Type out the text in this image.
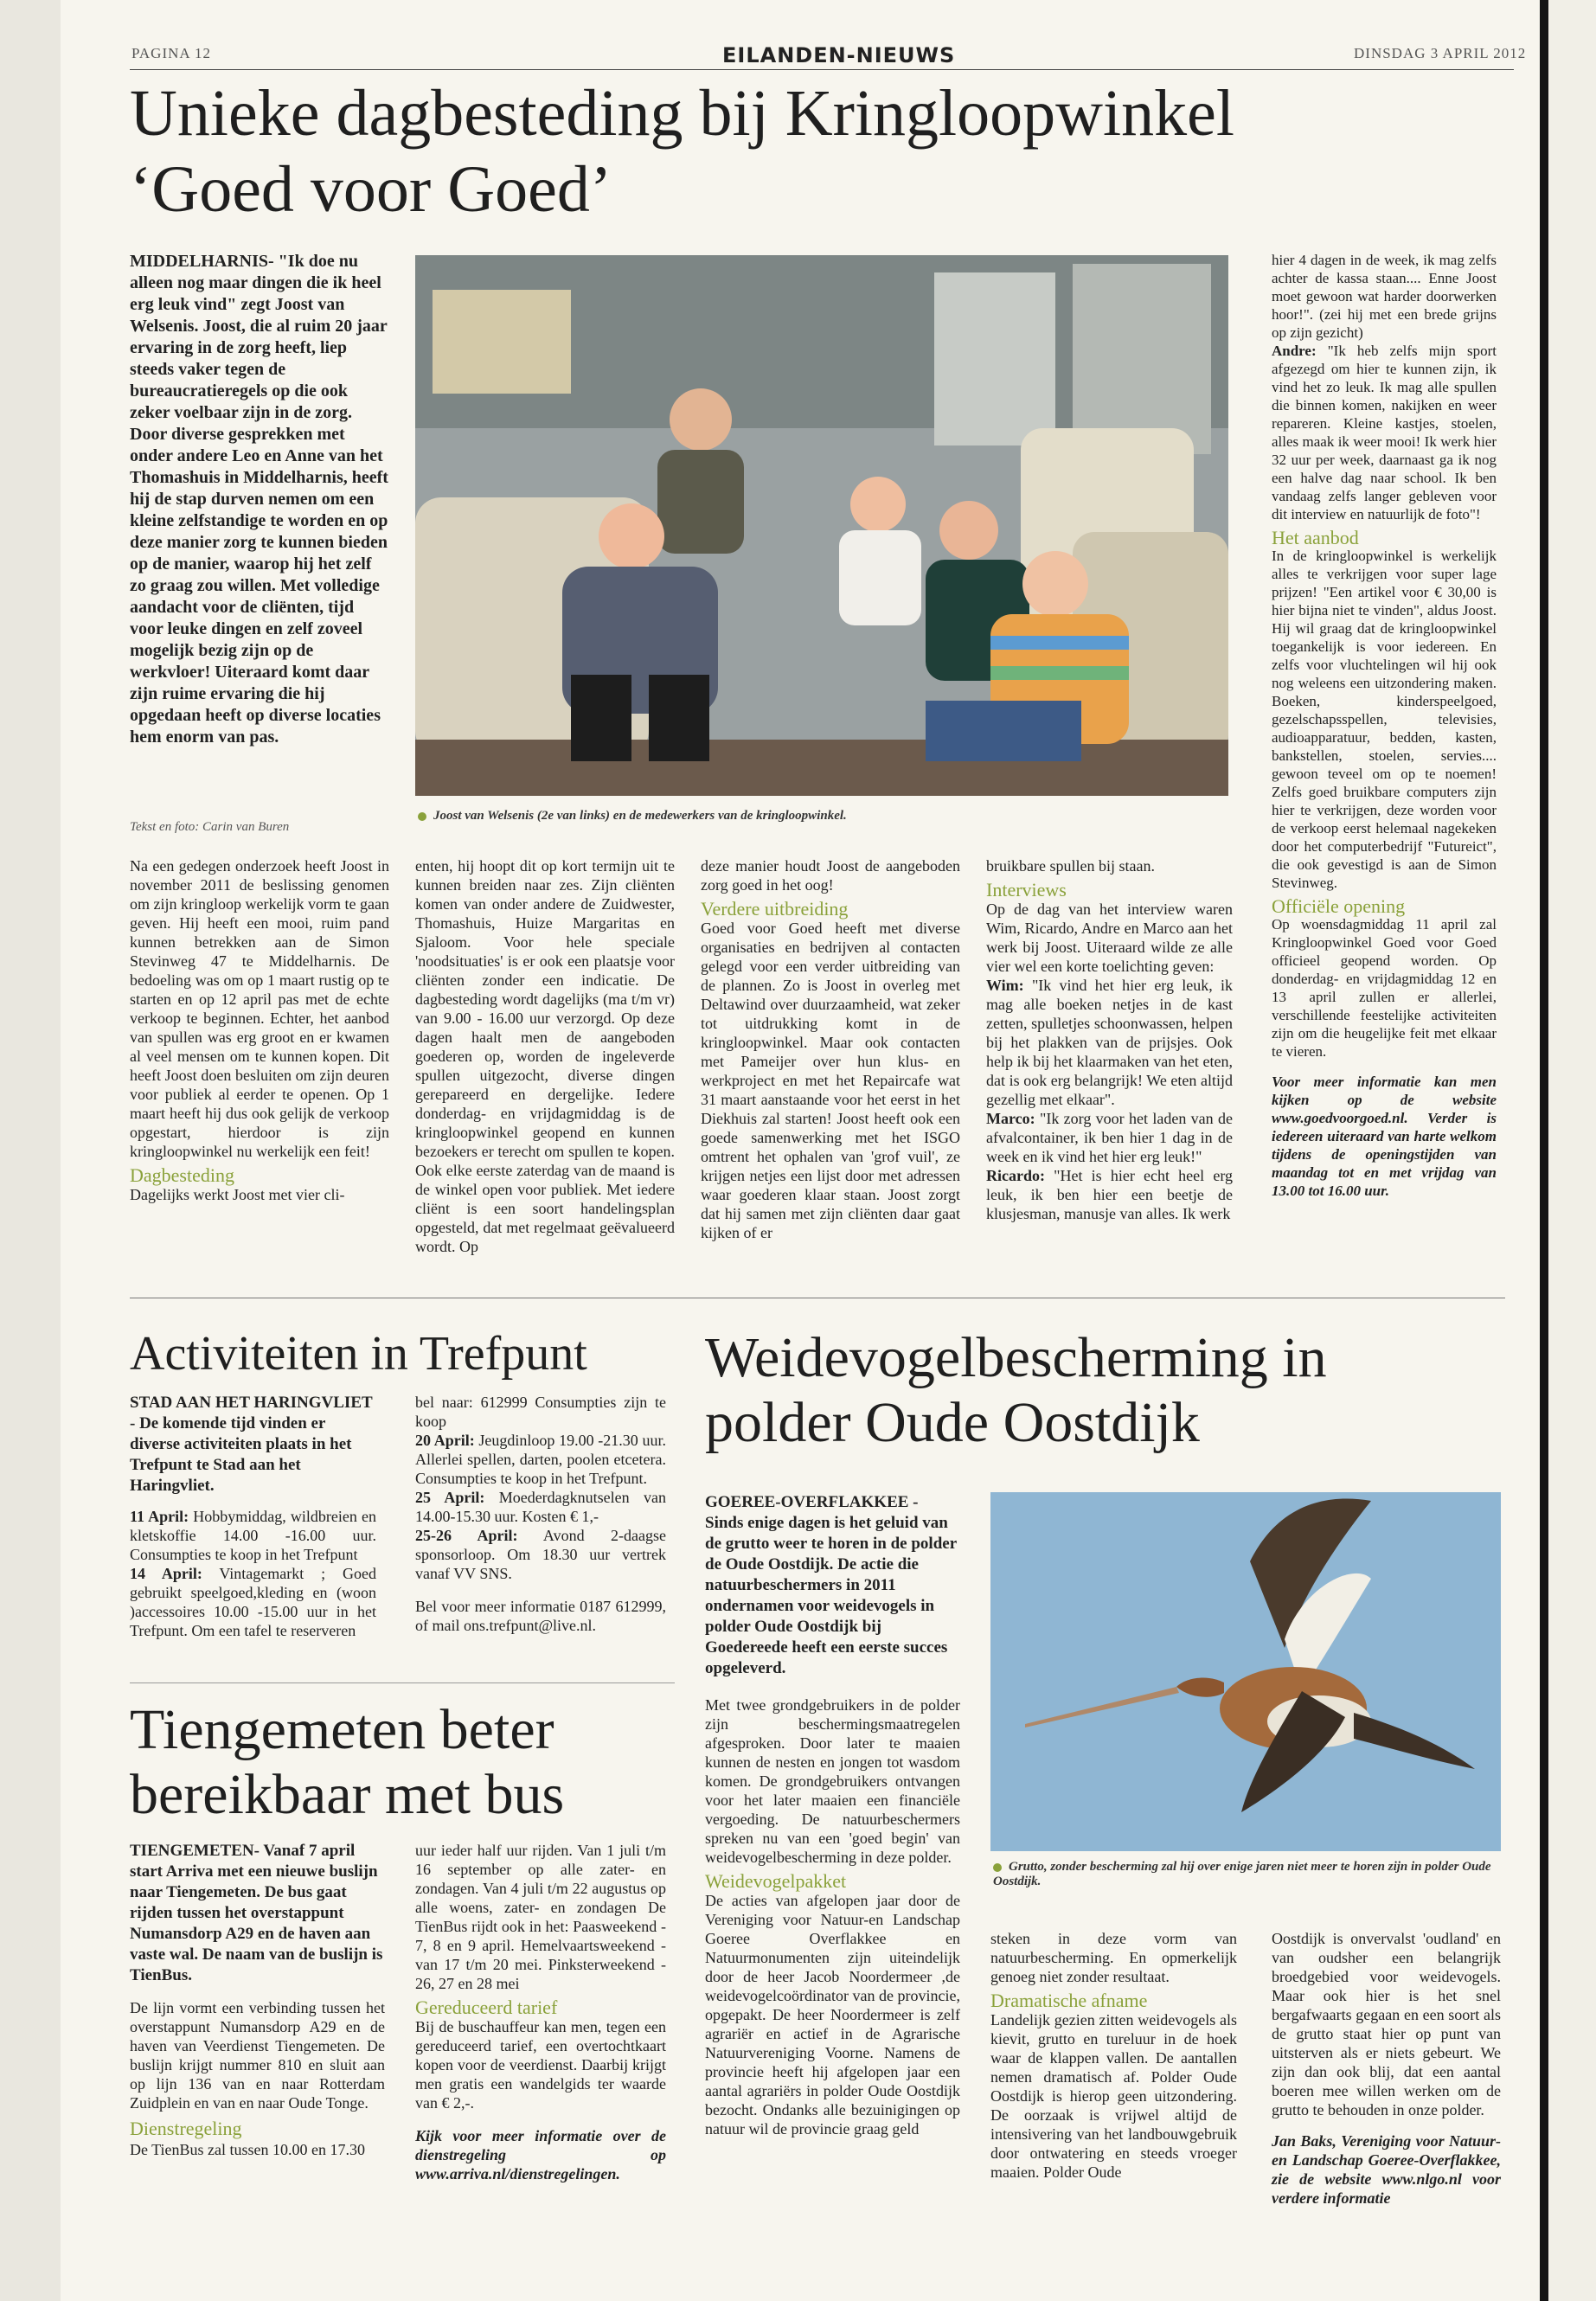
PAGINA 12	EILANDEN-NIEUWS	DINSDAG 3 APRIL 2012
Unieke dagbesteding bij Kringloopwinkel
‘Goed voor Goed’
MIDDELHARNIS- "Ik doe nu alleen nog maar dingen die ik heel erg leuk vind" zegt Joost van Welsenis. Joost, die al ruim 20 jaar ervaring in de zorg heeft, liep steeds vaker tegen de bureaucratieregels op die ook zeker voelbaar zijn in de zorg. Door diverse gesprekken met onder andere Leo en Anne van het Thomashuis in Middelharnis, heeft hij de stap durven nemen om een kleine zelfstandige te worden en op deze manier zorg te kunnen bieden op de manier, waarop hij het zelf zo graag zou willen. Met volledige aandacht voor de cliënten, tijd voor leuke dingen en zelf zoveel mogelijk bezig zijn op de werkvloer! Uiteraard komt daar zijn ruime ervaring die hij opgedaan heeft op diverse locaties hem enorm van pas.
Tekst en foto: Carin van Buren
Joost van Welsenis (2e van links) en de medewerkers van de kringloopwinkel.
Na een gedegen onderzoek heeft Joost in november 2011 de beslissing genomen om zijn kringloop werkelijk vorm te gaan geven. Hij heeft een mooi, ruim pand kunnen betrekken aan de Simon Stevinweg 47 te Middelharnis. De bedoeling was om op 1 maart rustig op te starten en op 12 april pas met de echte verkoop te beginnen. Echter, het aanbod van spullen was erg groot en er kwamen al veel mensen om te kunnen kopen. Dit heeft Joost doen besluiten om zijn deuren voor publiek al eerder te openen. Op 1 maart heeft hij dus ook gelijk de verkoop opgestart, hierdoor is zijn kringloopwinkel nu werkelijk een feit!
Dagbesteding
Dagelijks werkt Joost met vier cli-
enten, hij hoopt dit op kort termijn uit te kunnen breiden naar zes. Zijn cliënten komen van onder andere de Zuidwester, Thomashuis, Huize Margaritas en Sjaloom. Voor hele speciale 'noodsituaties' is er ook een plaatsje voor cliënten zonder een indicatie. De dagbesteding wordt dagelijks (ma t/m vr) van 9.00 - 16.00 uur verzorgd. Op deze dagen haalt men de aangeboden goederen op, worden de ingeleverde spullen uitgezocht, diverse dingen gerepareerd en dergelijke. Iedere donderdag- en vrijdagmiddag is de kringloopwinkel geopend en kunnen bezoekers er terecht om spullen te kopen. Ook elke eerste zaterdag van de maand is de winkel open voor publiek. Met iedere cliënt is een soort handelingsplan opgesteld, dat met regelmaat geëvalueerd wordt. Op
deze manier houdt Joost de aangeboden zorg goed in het oog!
Verdere uitbreiding
Goed voor Goed heeft met diverse organisaties en bedrijven al contacten gelegd voor een verder uitbreiding van de plannen. Zo is Joost in overleg met Deltawind over duurzaamheid, wat zeker tot uitdrukking komt in de kringloopwinkel. Maar ook contacten met Pameijer over hun klus- en werkproject en met het Repaircafe wat 31 maart aanstaande voor het eerst in het Diekhuis zal starten! Joost heeft ook een goede samenwerking met het ISGO omtrent het ophalen van 'grof vuil', ze krijgen netjes een lijst door met adressen waar goederen klaar staan. Joost zorgt dat hij samen met zijn cliënten daar gaat kijken of er
bruikbare spullen bij staan.
Interviews
Op de dag van het interview waren Wim, Ricardo, Andre en Marco aan het werk bij Joost. Uiteraard wilde ze alle vier wel een korte toelichting geven:
Wim: "Ik vind het hier erg leuk, ik mag alle boeken netjes in de kast zetten, spulletjes schoonwassen, helpen bij het plakken van de prijsjes. Ook help ik bij het klaarmaken van het eten, dat is ook erg belangrijk! We eten altijd gezellig met elkaar".
Marco: "Ik zorg voor het laden van de afvalcontainer, ik ben hier 1 dag in de week en ik vind het hier erg leuk!"
Ricardo: "Het is hier echt heel erg leuk, ik ben hier een beetje de klusjesman, manusje van alles. Ik werk
hier 4 dagen in de week, ik mag zelfs achter de kassa staan.... Enne Joost moet gewoon wat harder doorwerken hoor!". (zei hij met een brede grijns op zijn gezicht)
Andre: "Ik heb zelfs mijn sport afgezegd om hier te kunnen zijn, ik vind het zo leuk. Ik mag alle spullen die binnen komen, nakijken en weer repareren. Kleine kastjes, stoelen, alles maak ik weer mooi! Ik werk hier 32 uur per week, daarnaast ga ik nog een halve dag naar school. Ik ben vandaag zelfs langer gebleven voor dit interview en natuurlijk de foto"!
Het aanbod
In de kringloopwinkel is werkelijk alles te verkrijgen voor super lage prijzen! "Een artikel voor € 30,00 is hier bijna niet te vinden", aldus Joost. Hij wil graag dat de kringloopwinkel toegankelijk is voor iedereen. En zelfs voor vluchtelingen wil hij ook nog weleens een uitzondering maken. Boeken, kinderspeelgoed, gezelschapsspellen, televisies, audioapparatuur, bedden, kasten, bankstellen, stoelen, servies.... gewoon teveel om op te noemen! Zelfs goed bruikbare computers zijn hier te verkrijgen, deze worden voor de verkoop eerst helemaal nagekeken door het computerbedrijf "Futureict", die ook gevestigd is aan de Simon Stevinweg.
Officiële opening
Op woensdagmiddag 11 april zal Kringloopwinkel Goed voor Goed officieel geopend worden. Op donderdag- en vrijdagmiddag 12 en 13 april zullen er allerlei, verschillende feestelijke activiteiten zijn om die heugelijke feit met elkaar te vieren.
Voor meer informatie kan men kijken op de website www.goedvoorgoed.nl. Verder is iedereen uiteraard van harte welkom tijdens de openingstijden van maandag tot en met vrijdag van 13.00 tot 16.00 uur.
Activiteiten in Trefpunt
STAD AAN HET HARINGVLIET - De komende tijd vinden er diverse activiteiten plaats in het Trefpunt te Stad aan het Haringvliet.
11 April: Hobbymiddag, wildbreien en kletskoffie 14.00 -16.00 uur. Consumpties te koop in het Trefpunt
14 April: Vintagemarkt ; Goed gebruikt speelgoed,kleding en (woon )accessoires 10.00 -15.00 uur in het Trefpunt. Om een tafel te reserveren
bel naar: 612999 Consumpties zijn te koop
20 April: Jeugdinloop 19.00 -21.30 uur. Allerlei spellen, darten, poolen etcetera. Consumpties te koop in het Trefpunt.
25 April: Moederdagknutselen van 14.00-15.30 uur. Kosten € 1,-
25-26 April: Avond 2-daagse sponsorloop. Om 18.30 uur vertrek vanaf VV SNS.
Bel voor meer informatie 0187 612999, of mail ons.trefpunt@live.nl.
Tiengemeten beter
bereikbaar met bus
TIENGEMETEN- Vanaf 7 april start Arriva met een nieuwe buslijn naar Tiengemeten. De bus gaat rijden tussen het overstappunt Numansdorp A29 en de haven aan vaste wal. De naam van de buslijn is TienBus.
De lijn vormt een verbinding tussen het overstappunt Numansdorp A29 en de haven van Veerdienst Tiengemeten. De buslijn krijgt nummer 810 en sluit aan op lijn 136 van en naar Rotterdam Zuidplein en van en naar Oude Tonge.
Dienstregeling
De TienBus zal tussen 10.00 en 17.30
uur ieder half uur rijden. Van 1 juli t/m 16 september op alle zater- en zondagen. Van 4 juli t/m 22 augustus op alle woens, zater- en zondagen De TienBus rijdt ook in het: Paasweekend - 7, 8 en 9 april. Hemelvaartsweekend - van 17 t/m 20 mei. Pinksterweekend - 26, 27 en 28 mei
Gereduceerd tarief
Bij de buschauffeur kan men, tegen een gereduceerd tarief, een overtochtkaart kopen voor de veerdienst. Daarbij krijgt men gratis een wandelgids ter waarde van € 2,-.
Kijk voor meer informatie over de dienstregeling op www.arriva.nl/dienstregelingen.
Weidevogelbescherming in
polder Oude Oostdijk
GOEREE-OVERFLAKKEE - Sinds enige dagen is het geluid van de grutto weer te horen in de polder de Oude Oostdijk. De actie die natuurbeschermers in 2011 ondernamen voor weidevogels in polder Oude Oostdijk bij Goedereede heeft een eerste succes opgeleverd.
Grutto, zonder bescherming zal hij over enige jaren niet meer te horen zijn in polder Oude Oostdijk.
Met twee grondgebruikers in de polder zijn beschermingsmaatregelen afgesproken. Door later te maaien kunnen de nesten en jongen tot wasdom komen. De grondgebruikers ontvangen voor het later maaien een financiële vergoeding. De natuurbeschermers spreken nu van een 'goed begin' van weidevogelbescherming in deze polder.
Weidevogelpakket
De acties van afgelopen jaar door de Vereniging voor Natuur-en Landschap Goeree Overflakkee en Natuurmonumenten zijn uiteindelijk door de heer Jacob Noordermeer ,de weidevogelcoördinator van de provincie, opgepakt. De heer Noordermeer is zelf agrariër en actief in de Agrarische Natuurvereniging Voorne. Namens de provincie heeft hij afgelopen jaar een aantal agrariërs in polder Oude Oostdijk bezocht. Ondanks alle bezuinigingen op natuur wil de provincie graag geld
steken in deze vorm van natuurbescherming. En opmerkelijk genoeg niet zonder resultaat.
Dramatische afname
Landelijk gezien zitten weidevogels als kievit, grutto en tureluur in de hoek waar de klappen vallen. De aantallen nemen dramatisch af. Polder Oude Oostdijk is hierop geen uitzondering. De oorzaak is vrijwel altijd de intensivering van het landbouwgebruik door ontwatering en steeds vroeger maaien. Polder Oude
Oostdijk is onvervalst 'oudland' en van oudsher een belangrijk broedgebied voor weidevogels. Maar ook hier is het snel bergafwaarts gegaan en een soort als de grutto staat hier op punt van uitsterven als er niets gebeurt. We zijn dan ook blij, dat een aantal boeren mee willen werken om de grutto te behouden in onze polder.
Jan Baks, Vereniging voor Natuur- en Landschap Goeree-Overflakkee, zie de website www.nlgo.nl voor verdere informatie
